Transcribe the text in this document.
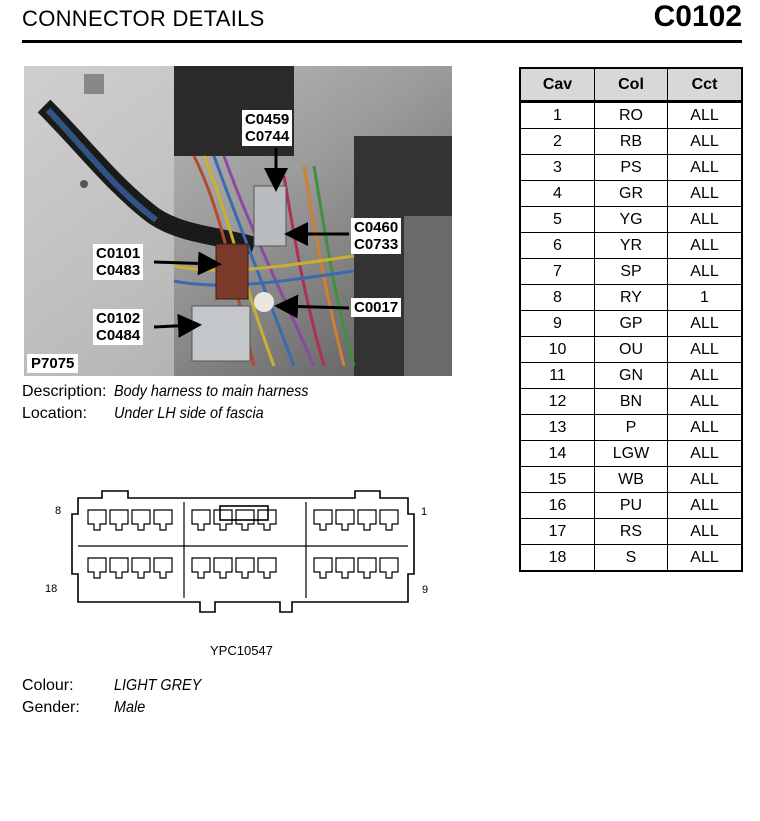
CONNECTOR DETAILS	C0102
C0459
C0744
C0460
C0733
C0101
C0483
C0017
C0102
C0484
P7075
Description: Body harness to main harness
Location: Under LH side of fascia
Cav	Col	Cct
1	RO	ALL
2	RB	ALL
3	PS	ALL
4	GR	ALL
5	YG	ALL
6	YR	ALL
7	SP	ALL
8	RY	1
9	GP	ALL
10	OU	ALL
11	GN	ALL
12	BN	ALL
13	P	ALL
14	LGW	ALL
15	WB	ALL
16	PU	ALL
17	RS	ALL
18	S	ALL
8	1
18	9
YPC10547
Colour:	LIGHT GREY
Gender: Male
